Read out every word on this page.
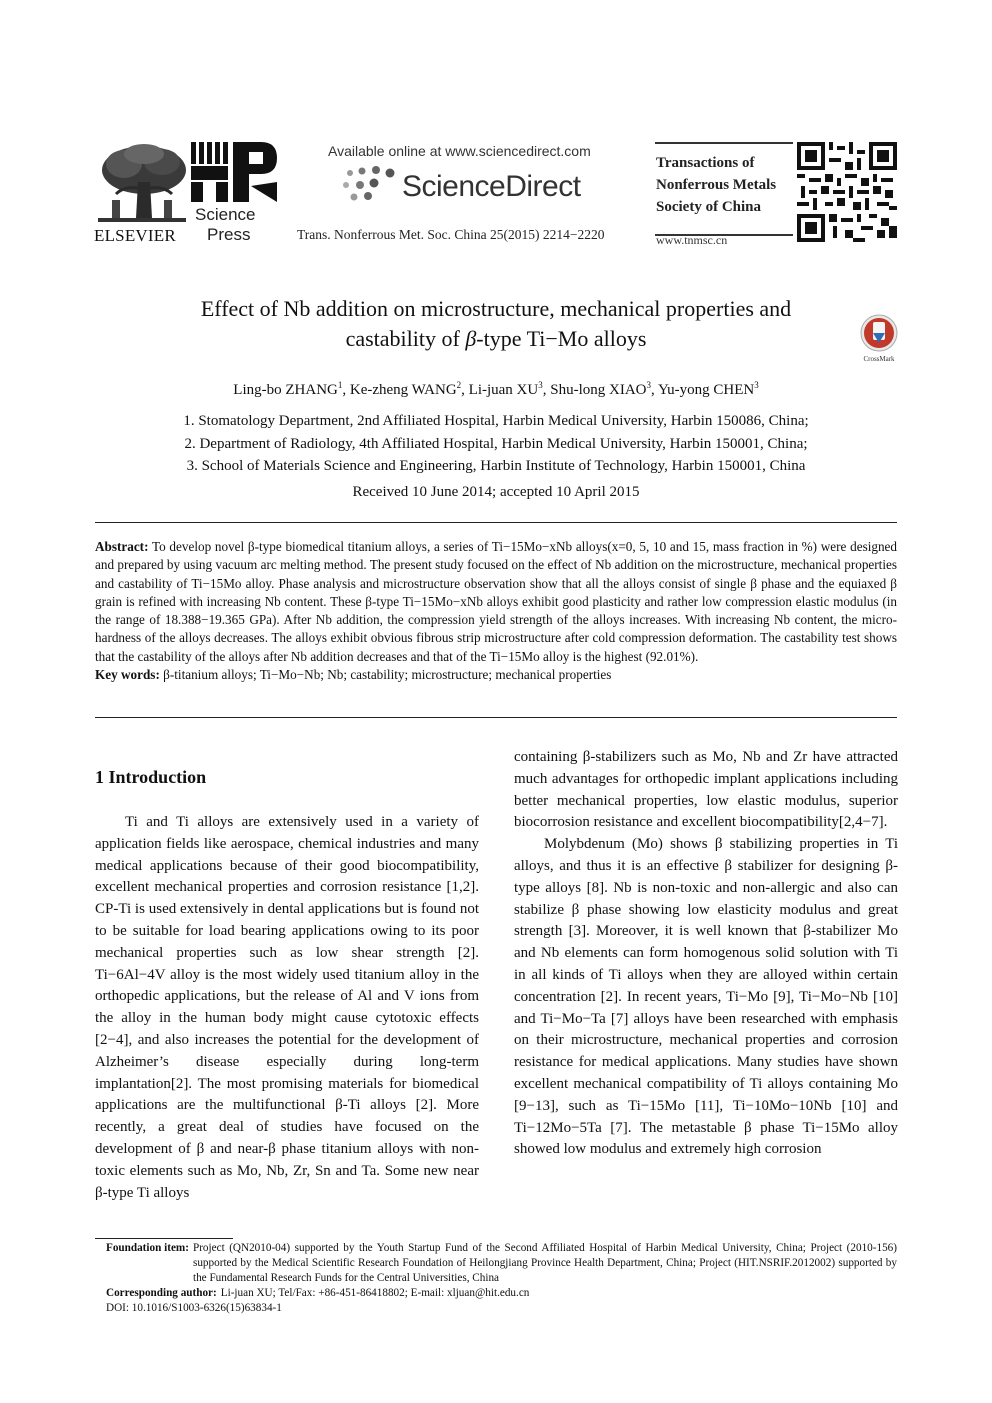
ELSEVIER
Science
Press
Available online at www.sciencedirect.com
ScienceDirect
Trans. Nonferrous Met. Soc. China 25(2015) 2214−2220
Transactions of
Nonferrous Metals
Society of China
www.tnmsc.cn
Effect of Nb addition on microstructure, mechanical properties and
castability of β-type Ti−Mo alloys
CrossMark
Ling-bo ZHANG$^1$, Ke-zheng WANG$^2$, Li-juan $XU^3$, Shu-long XIAO$^3$, Yu-yong CHEN$^3$
1. Stomatology Department, 2nd Affiliated Hospital, Harbin Medical University, Harbin 150086, China;
2. Department of Radiology, 4th Affiliated Hospital, Harbin Medical University, Harbin 150001, China;
3. School of Materials Science and Engineering, Harbin Institute of Technology, Harbin 150001, China
Received 10 June 2014; accepted 10 April 2015
Abstract: To develop novel β-type biomedical titanium alloys, a series of Ti−15Mo−xNb alloys(x=0, 5, 10 and 15, mass fraction in %) were designed and prepared by using vacuum arc melting method. The present study focused on the effect of Nb addition on the microstructure, mechanical properties and castability of Ti−15Mo alloy. Phase analysis and microstructure observation show that all the alloys consist of single β phase and the equiaxed β grain is refined with increasing Nb content. These β-type Ti−15Mo−xNb alloys exhibit good plasticity and rather low compression elastic modulus (in the range of 18.388−19.365 GPa). After Nb addition, the compression yield strength of the alloys increases. With increasing Nb content, the micro-hardness of the alloys decreases. The alloys exhibit obvious fibrous strip microstructure after cold compression deformation. The castability test shows that the castability of the alloys after Nb addition decreases and that of the Ti−15Mo alloy is the highest (92.01%).
Key words: β-titanium alloys; Ti−Mo−Nb; Nb; castability; microstructure; mechanical properties
1 Introduction

Ti and Ti alloys are extensively used in a variety of application fields like aerospace, chemical industries and many medical applications because of their good biocompatibility, excellent mechanical properties and corrosion resistance [1,2]. CP-Ti is used extensively in dental applications but is found not to be suitable for load bearing applications owing to its poor mechanical properties such as low shear strength [2]. Ti−6Al−4V alloy is the most widely used titanium alloy in the orthopedic applications, but the release of Al and V ions from the alloy in the human body might cause cytotoxic effects [2−4], and also increases the potential for the development of Alzheimer’s disease especially during long-term implantation[2]. The most promising materials for biomedical applications are the multifunctional β-Ti alloys [2]. More recently, a great deal of studies have focused on the development of β and near-β phase titanium alloys with non-toxic elements such as Mo, Nb, Zr, Sn and Ta. Some new near β-type Ti alloys

containing β-stabilizers such as Mo, Nb and Zr have attracted much advantages for orthopedic implant applications including better mechanical properties, low elastic modulus, superior biocorrosion resistance and excellent biocompatibility[2,4−7].

Molybdenum (Mo) shows β stabilizing properties in Ti alloys, and thus it is an effective β stabilizer for designing β-type alloys [8]. Nb is non-toxic and non-allergic and also can stabilize β phase showing low elasticity modulus and great strength [3]. Moreover, it is well known that β-stabilizer Mo and Nb elements can form homogenous solid solution with Ti in all kinds of Ti alloys when they are alloyed within certain concentration [2]. In recent years, Ti−Mo [9], Ti−Mo−Nb [10] and Ti−Mo−Ta [7] alloys have been researched with emphasis on their microstructure, mechanical properties and corrosion resistance for medical applications. Many studies have shown excellent mechanical compatibility of Ti alloys containing Mo [9−13], such as Ti−15Mo [11], Ti−10Mo−10Nb [10] and Ti−12Mo−5Ta [7]. The metastable β phase Ti−15Mo alloy showed low modulus and extremely high corrosion

Foundation item: Project (QN2010-04) supported by the Youth Startup Fund of the Second Affiliated Hospital of Harbin Medical University, China; Project (2010-156) supported by the Medical Scientific Research Foundation of Heilongjiang Province Health Department, China; Project (HIT.NSRIF.2012002) supported by the Fundamental Research Funds for the Central Universities, China
Corresponding author: Li-juan XU; Tel/Fax: +86-451-86418802; E-mail: xljuan@hit.edu.cn
DOI: 10.1016/S1003-6326(15)63834-1
